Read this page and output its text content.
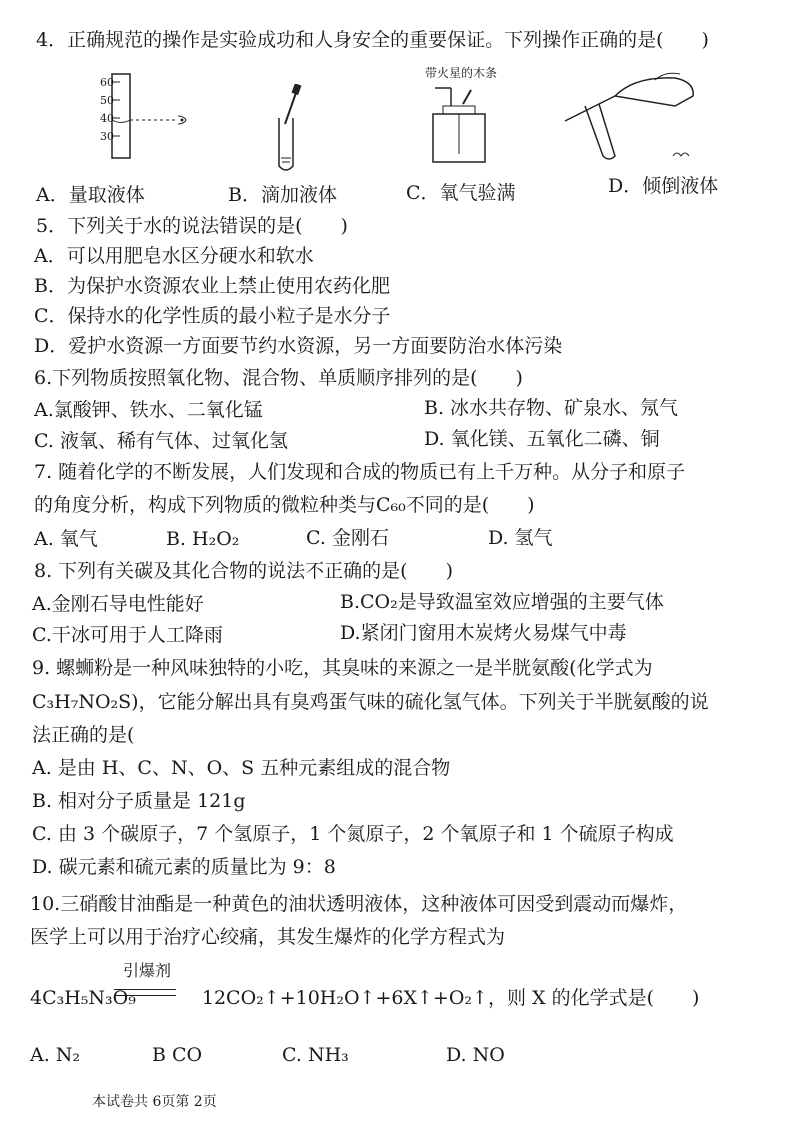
4．正确规范的操作是实验成功和人身安全的重要保证。下列操作正确的是(　　)
60
50
40
30
带火星的木条
A．量取液体	B．滴加液体	C．氧气验满	D．倾倒液体
5．下列关于水的说法错误的是(　　)
A．可以用肥皂水区分硬水和软水
B．为保护水资源农业上禁止使用农药化肥
C．保持水的化学性质的最小粒子是水分子
D．爱护水资源一方面要节约水资源，另一方面要防治水体污染
6.下列物质按照氧化物、混合物、单质顺序排列的是(　　)
A.氯酸钾、铁水、二氧化锰	B. 冰水共存物、矿泉水、氖气
C. 液氧、稀有气体、过氧化氢	D. 氧化镁、五氧化二磷、铜
7. 随着化学的不断发展，人们发现和合成的物质已有上千万种。从分子和原子
的角度分析，构成下列物质的微粒种类与C₆₀不同的是(　　)
A. 氧气	B. H₂O₂	C. 金刚石	D. 氢气
8. 下列有关碳及其化合物的说法不正确的是(　　)
A.金刚石导电性能好	B.CO₂是导致温室效应增强的主要气体
C.干冰可用于人工降雨	D.紧闭门窗用木炭烤火易煤气中毒
9. 螺蛳粉是一种风味独特的小吃，其臭味的来源之一是半胱氨酸(化学式为
C₃H₇NO₂S)，它能分解出具有臭鸡蛋气味的硫化氢气体。下列关于半胱氨酸的说
法正确的是(
A. 是由 H、C、N、O、S 五种元素组成的混合物
B. 相对分子质量是 121g
C. 由 3 个碳原子，7 个氢原子，1 个氮原子，2 个氧原子和 1 个硫原子构成
D. 碳元素和硫元素的质量比为 9：8
10.三硝酸甘油酯是一种黄色的油状透明液体，这种液体可因受到震动而爆炸，
医学上可以用于治疗心绞痛，其发生爆炸的化学方程式为
引爆剂
4C₃H₅N₃O₉	12CO₂↑+10H₂O↑+6X↑+O₂↑，则 X 的化学式是(　　)
A. N₂	B CO	C. NH₃	D. NO
本试卷共 6页第 2页
